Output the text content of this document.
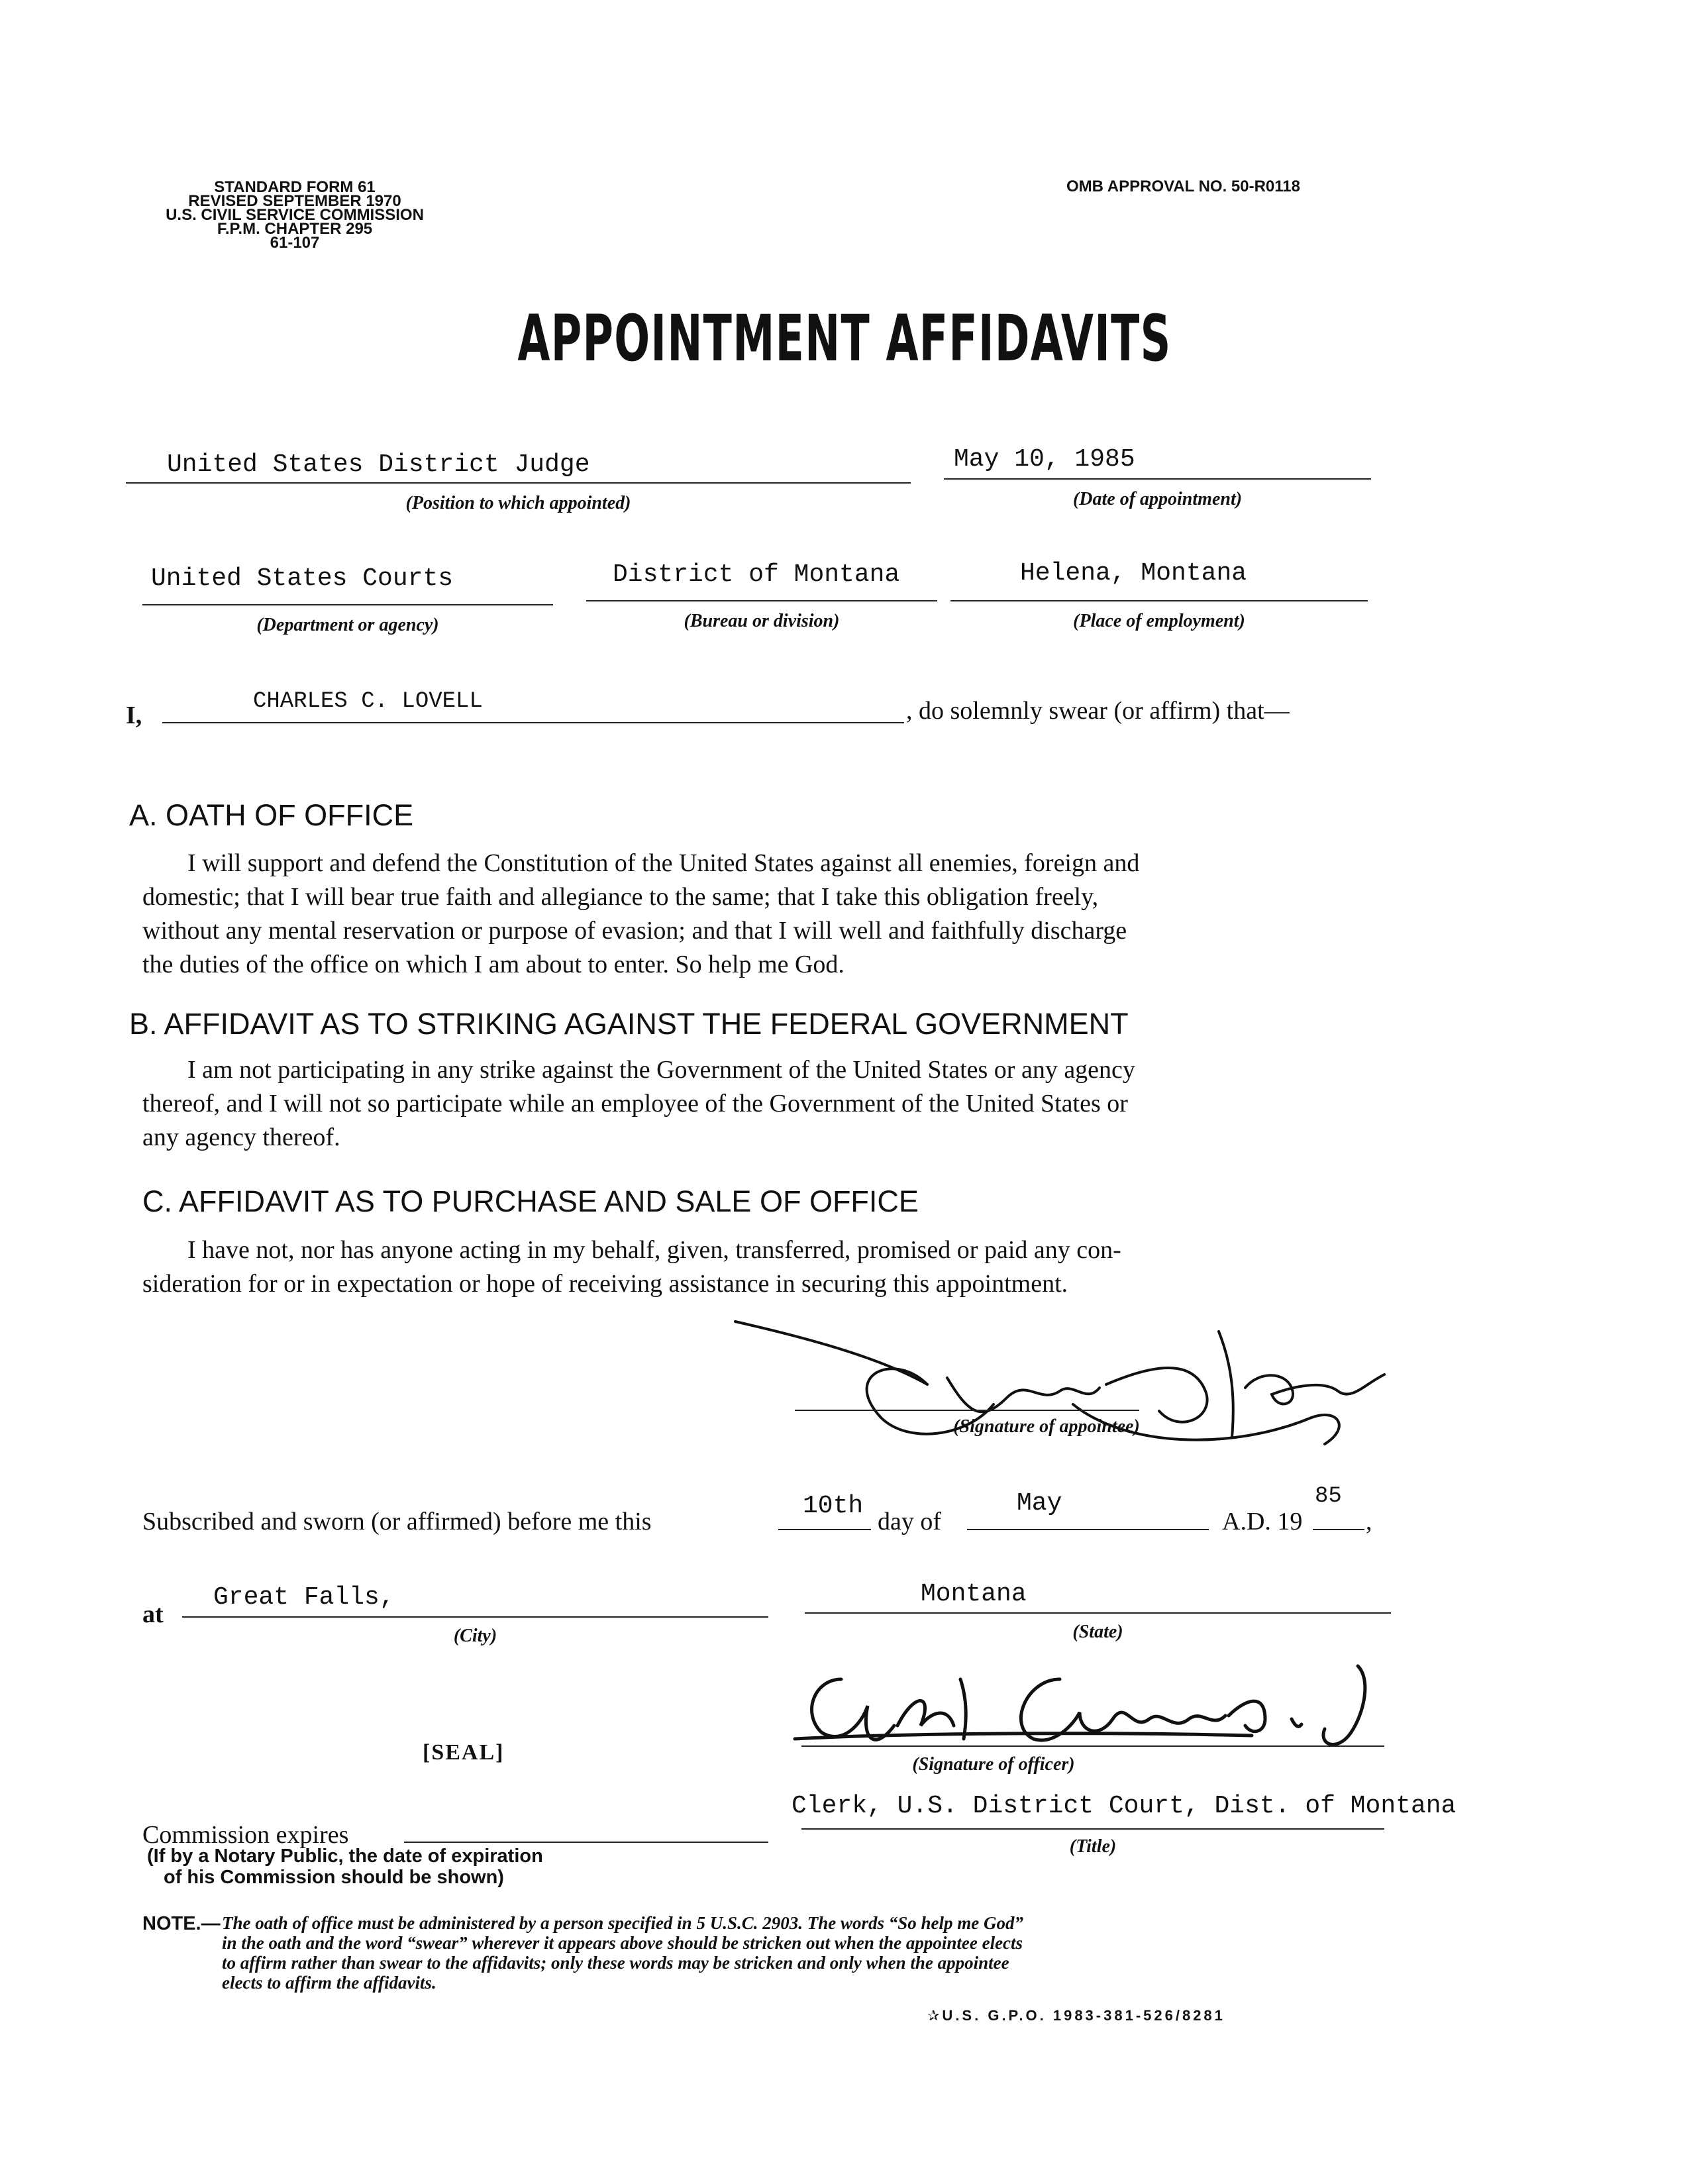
STANDARD FORM 61
REVISED SEPTEMBER 1970
U.S. CIVIL SERVICE COMMISSION
F.P.M. CHAPTER 295
61-107
OMB APPROVAL NO. 50-R0118
APPOINTMENT AFFIDAVITS
United States District Judge
(Position to which appointed)
May 10, 1985
(Date of appointment)
United States Courts
(Department or agency)
District of Montana
(Bureau or division)
Helena, Montana
(Place of employment)
I,	CHARLES C. LOVELL	, do solemnly swear (or affirm) that—
A. OATH OF OFFICE
I will support and defend the Constitution of the United States against all enemies, foreign and
domestic; that I will bear true faith and allegiance to the same; that I take this obligation freely,
without any mental reservation or purpose of evasion; and that I will well and faithfully discharge
the duties of the office on which I am about to enter. So help me God.
B. AFFIDAVIT AS TO STRIKING AGAINST THE FEDERAL GOVERNMENT
I am not participating in any strike against the Government of the United States or any agency
thereof, and I will not so participate while an employee of the Government of the United States or
any agency thereof.
C. AFFIDAVIT AS TO PURCHASE AND SALE OF OFFICE
I have not, nor has anyone acting in my behalf, given, transferred, promised or paid any con-
sideration for or in expectation or hope of receiving assistance in securing this appointment.
(Signature of appointee)
Subscribed and sworn (or affirmed) before me this
10th
day of
May
A.D. 19
85
,
at
Great Falls,
(City)
Montana
(State)
[SEAL]	(Signature of officer)
Commission expires
(If by a Notary Public, the date of expiration
of his Commission should be shown)
Clerk, U.S. District Court, Dist. of Montana
(Title)
NOTE.— The oath of office must be administered by a person specified in 5 U.S.C. 2903. The words “So help me God”
in the oath and the word “swear” wherever it appears above should be stricken out when the appointee elects
to affirm rather than swear to the affidavits; only these words may be stricken and only when the appointee
elects to affirm the affidavits.
✰U.S. G.P.O. 1983-381-526/8281
